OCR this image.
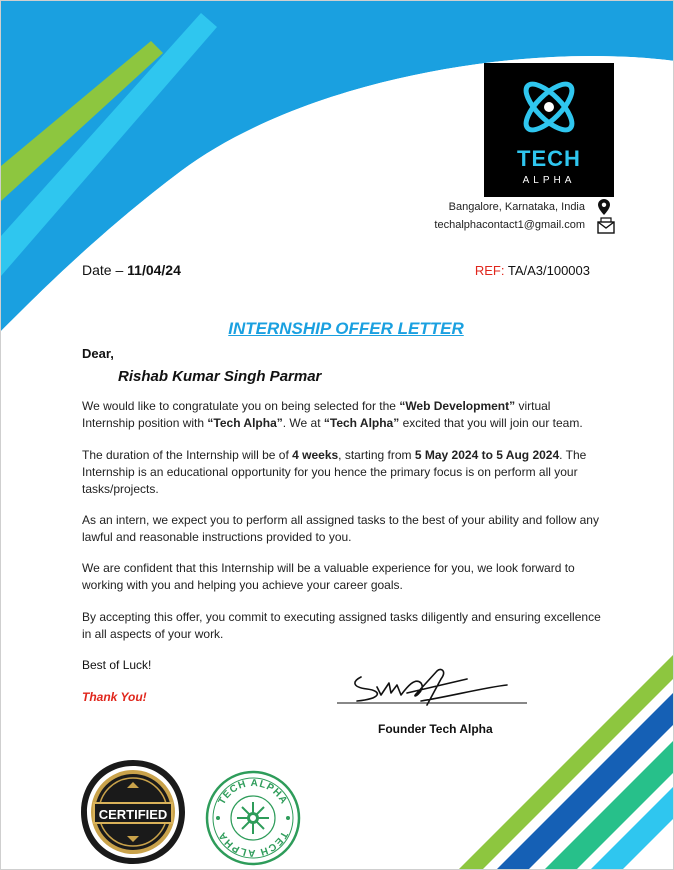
TECH
ALPHA
Bangalore, Karnataka, India
techalphacontact1@gmail.com
Date – 11/04/24	REF: TA/A3/100003
INTERNSHIP OFFER LETTER
Dear,
Rishab Kumar Singh Parmar
We would like to congratulate you on being selected for the “Web Development” virtual Internship position with “Tech Alpha”. We at “Tech Alpha” excited that you will join our team.
The duration of the Internship will be of 4 weeks, starting from 5 May 2024 to 5 Aug 2024. The Internship is an educational opportunity for you hence the primary focus is on perform all your tasks/projects.
As an intern, we expect you to perform all assigned tasks to the best of your ability and follow any lawful and reasonable instructions provided to you.
We are confident that this Internship will be a valuable experience for you, we look forward to working with you and helping you achieve your career goals.
By accepting this offer, you commit to executing assigned tasks diligently and ensuring excellence in all aspects of your work.
Best of Luck!
Thank You!
Founder Tech Alpha
CERTIFIED
TECH ALPHA
TECH ALPHA
